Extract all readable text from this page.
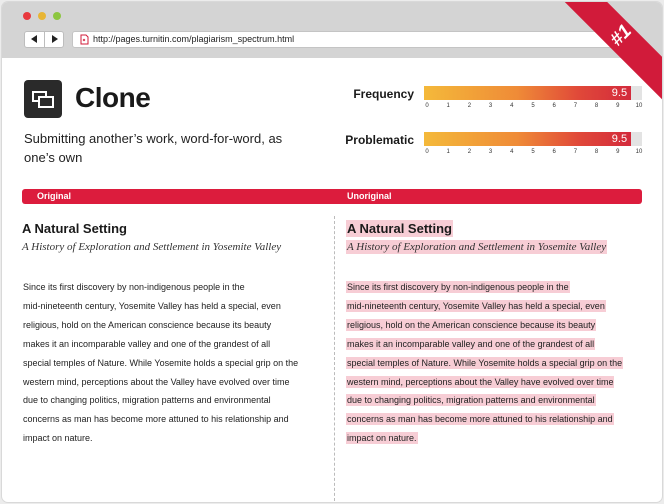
http://pages.turnitin.com/plagiarism_spectrum.html	#1
Clone
Submitting another’s work, word-for-word, as
one’s own
Frequency	9.5
0	1	2	3	4	5	6	7	8	9	10
Problematic	9.5
0	1	2	3	4	5	6	7	8	9	10
Original	Unoriginal
A Natural Setting
A History of Exploration and Settlement in Yosemite Valley
Since its first discovery by non-indigenous people in the
mid-nineteenth century, Yosemite Valley has held a special, even
religious, hold on the American conscience because its beauty
makes it an incomparable valley and one of the grandest of all
special temples of Nature. While Yosemite holds a special grip on the
western mind, perceptions about the Valley have evolved over time
due to changing politics, migration patterns and environmental
concerns as man has become more attuned to his relationship and
impact on nature.
A Natural Setting
A History of Exploration and Settlement in Yosemite Valley
Since its first discovery by non-indigenous people in the
mid-nineteenth century, Yosemite Valley has held a special, even
religious, hold on the American conscience because its beauty
makes it an incomparable valley and one of the grandest of all
special temples of Nature. While Yosemite holds a special grip on the
western mind, perceptions about the Valley have evolved over time
due to changing politics, migration patterns and environmental
concerns as man has become more attuned to his relationship and
impact on nature.
